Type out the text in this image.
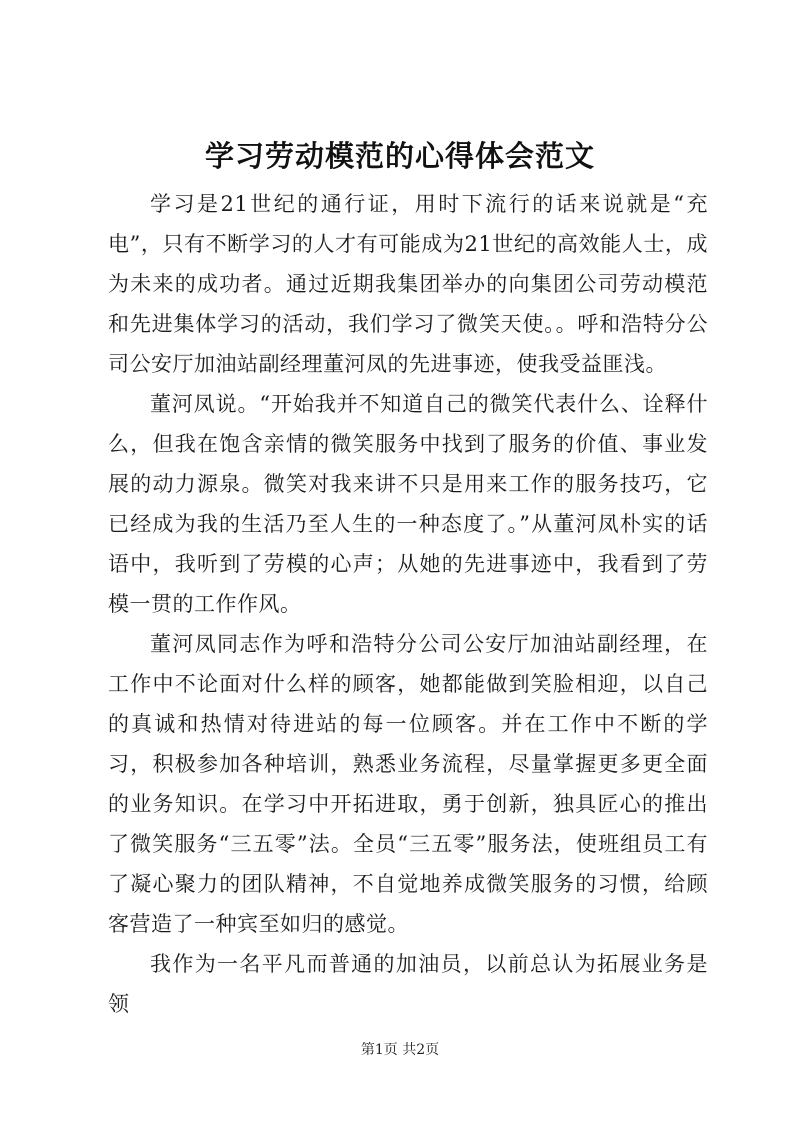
学习劳动模范的心得体会范文

学习是21世纪的通行证，用时下流行的话来说就是“充电”，只有不断学习的人才有可能成为21世纪的高效能人士，成为未来的成功者。通过近期我集团举办的向集团公司劳动模范和先进集体学习的活动，我们学习了微笑天使。。呼和浩特分公司公安厅加油站副经理董河凤的先进事迹，使我受益匪浅。

董河凤说。“开始我并不知道自己的微笑代表什么、诠释什么，但我在饱含亲情的微笑服务中找到了服务的价值、事业发展的动力源泉。微笑对我来讲不只是用来工作的服务技巧，它已经成为我的生活乃至人生的一种态度了。”从董河凤朴实的话语中，我听到了劳模的心声；从她的先进事迹中，我看到了劳模一贯的工作作风。

董河凤同志作为呼和浩特分公司公安厅加油站副经理，在工作中不论面对什么样的顾客，她都能做到笑脸相迎，以自己的真诚和热情对待进站的每一位顾客。并在工作中不断的学习，积极参加各种培训，熟悉业务流程，尽量掌握更多更全面的业务知识。在学习中开拓进取，勇于创新，独具匠心的推出了微笑服务“三五零”法。全员“三五零”服务法，使班组员工有了凝心聚力的团队精神，不自觉地养成微笑服务的习惯，给顾客营造了一种宾至如归的感觉。

我作为一名平凡而普通的加油员，以前总认为拓展业务是领

第1页 共2页
